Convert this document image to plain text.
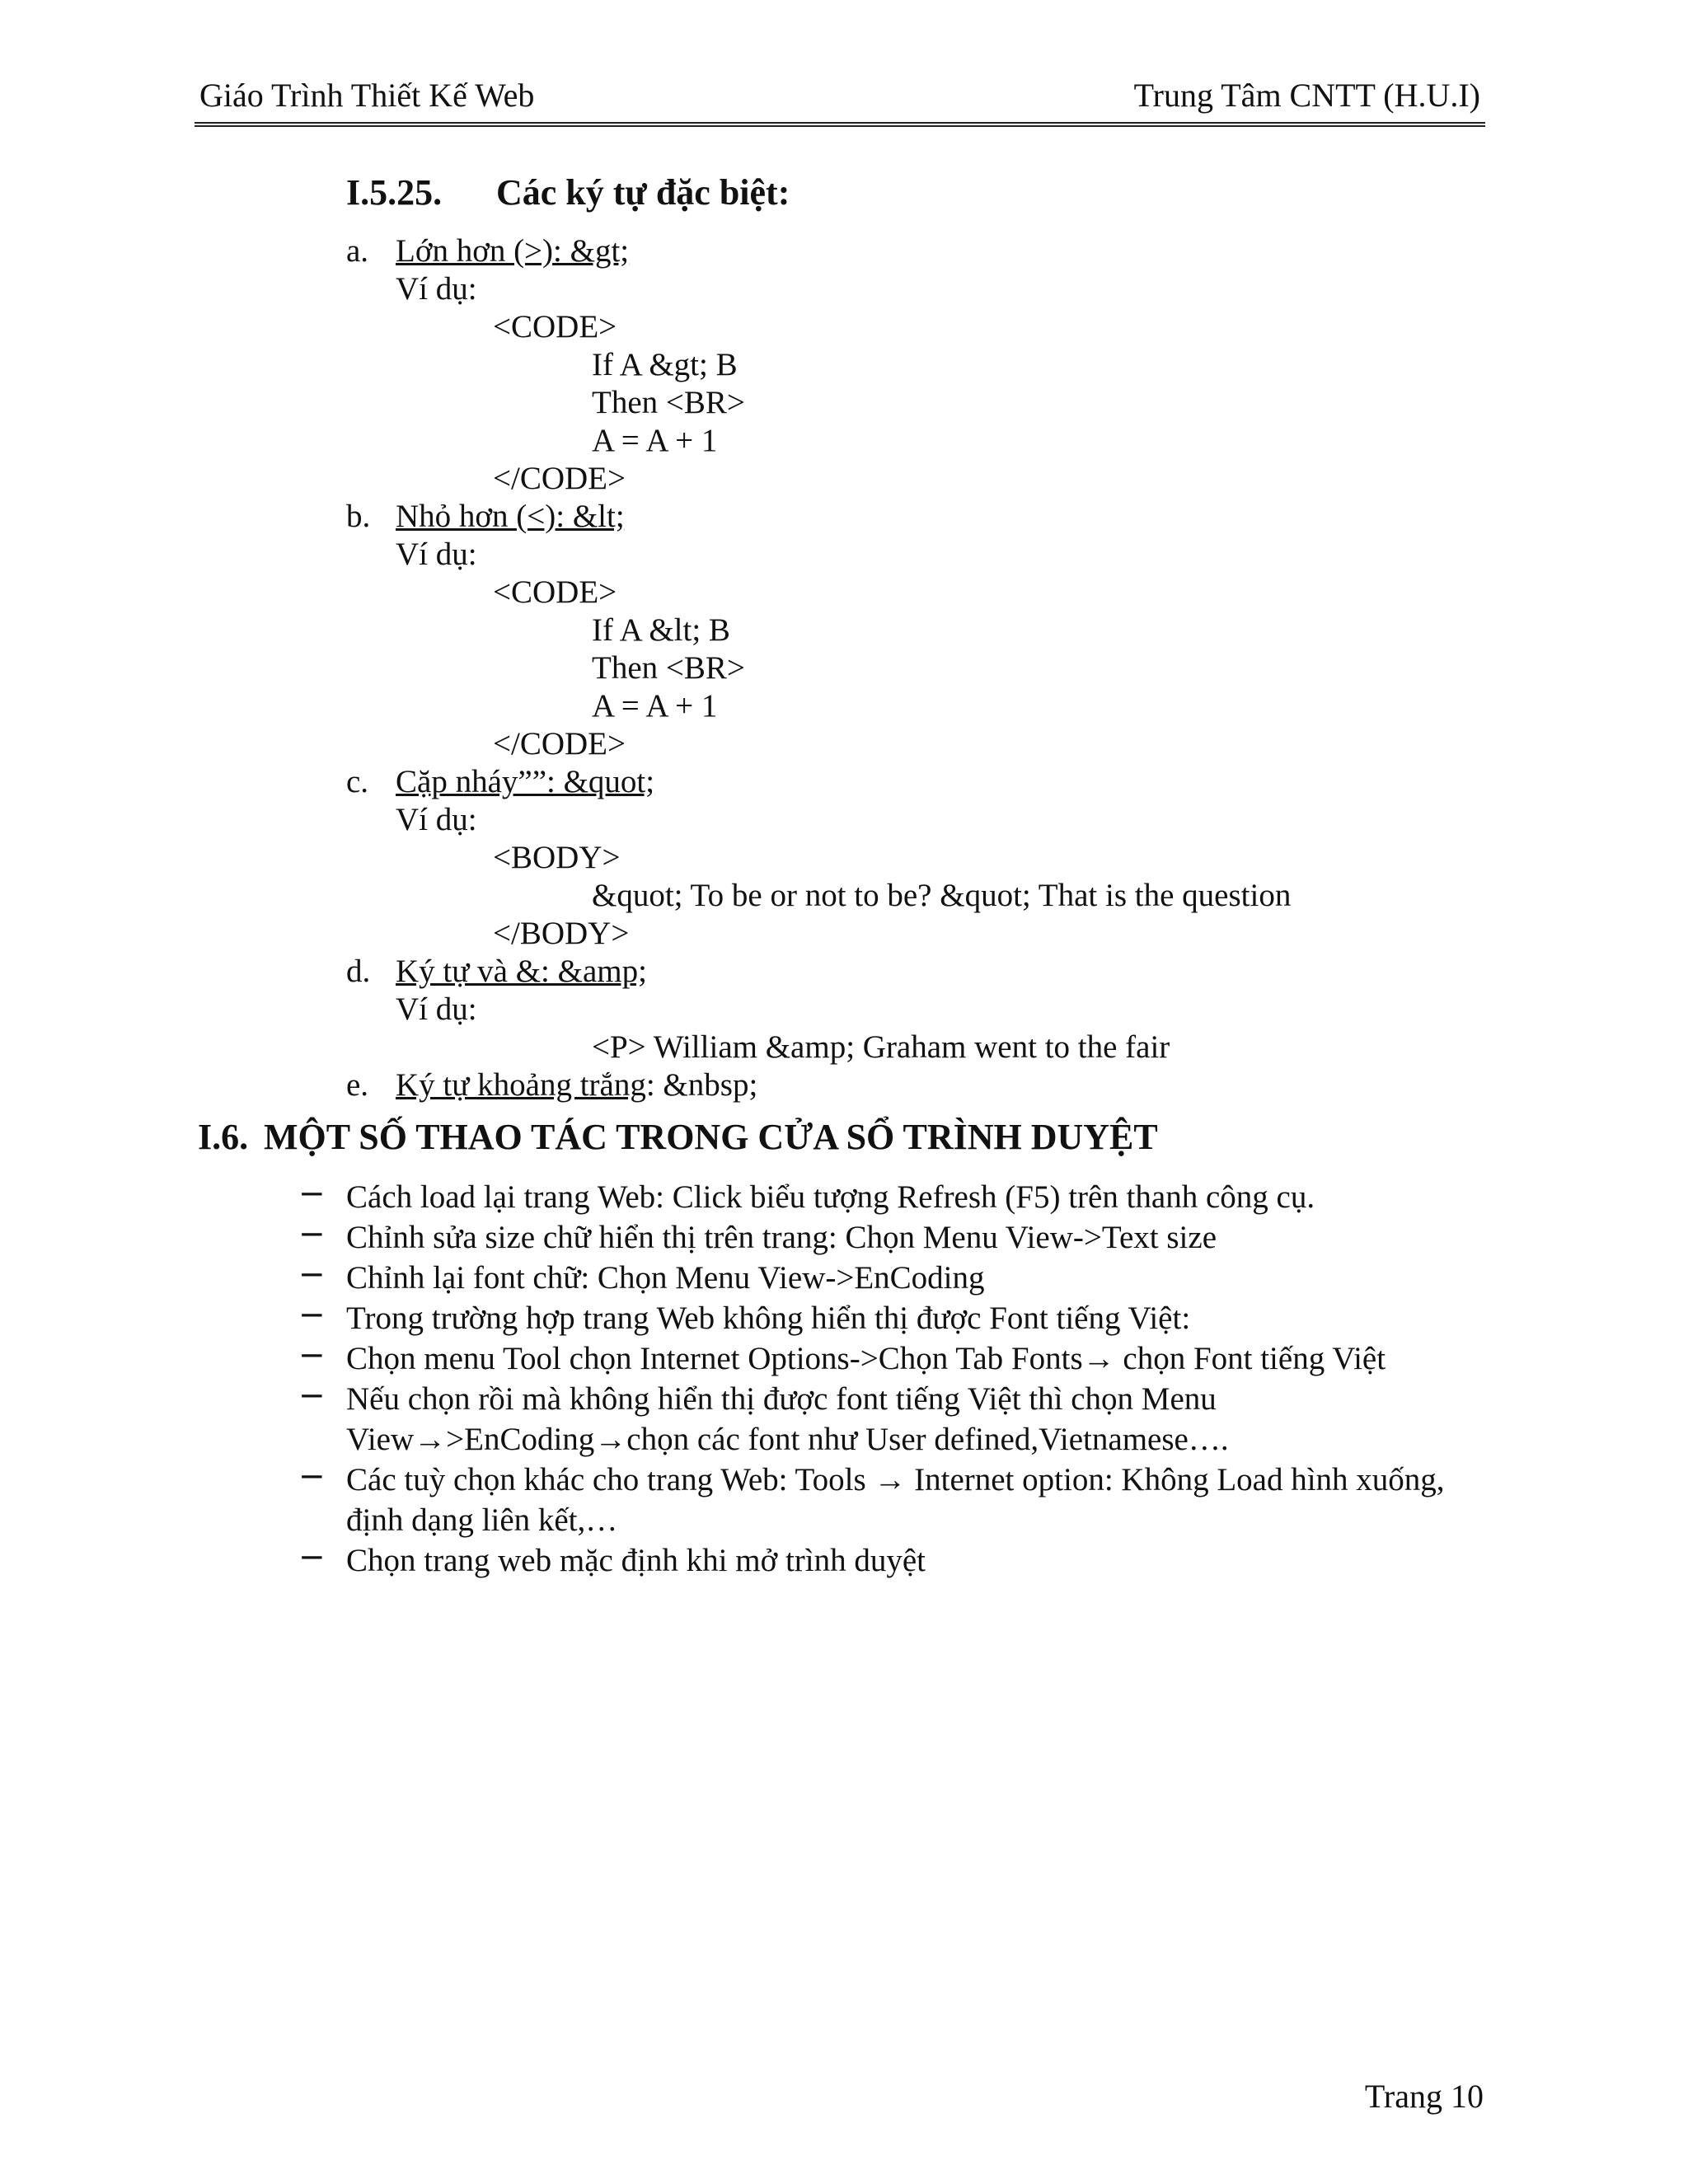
Giáo Trình Thiết Kế Web	Trung Tâm CNTT (H.U.I)
I.5.25. Các ký tự đặc biệt:
a. Lớn hơn (>): &gt;
Ví dụ:
<CODE>
If A &gt; B
Then <BR>
A = A + 1
</CODE>
b. Nhỏ hơn (<): &lt;
Ví dụ:
<CODE>
If A &lt; B
Then <BR>
A = A + 1
</CODE>
c. Cặp nháy””: &quot;
Ví dụ:
<BODY>
&quot; To be or not to be? &quot; That is the question
</BODY>
d. Ký tự và &: &amp;
Ví dụ:
<P> William &amp; Graham went to the fair
e. Ký tự khoảng trắng: &nbsp;
I.6. MỘT SỐ THAO TÁC TRONG CỬA SỔ TRÌNH DUYỆT
− Cách load lại trang Web: Click biểu tượng Refresh (F5) trên thanh công cụ.
− Chỉnh sửa size chữ hiển thị trên trang: Chọn Menu View->Text size
− Chỉnh lại font chữ: Chọn Menu View->EnCoding
− Trong trường hợp trang Web không hiển thị được Font tiếng Việt:
− Chọn menu Tool chọn Internet Options->Chọn Tab Fonts→ chọn Font tiếng Việt
− Nếu chọn rồi mà không hiển thị được font tiếng Việt thì chọn Menu
View→>EnCoding→chọn các font như User defined,Vietnamese….
− Các tuỳ chọn khác cho trang Web: Tools → Internet option: Không Load hình xuống,
định dạng liên kết,…
− Chọn trang web mặc định khi mở trình duyệt
Trang 10
